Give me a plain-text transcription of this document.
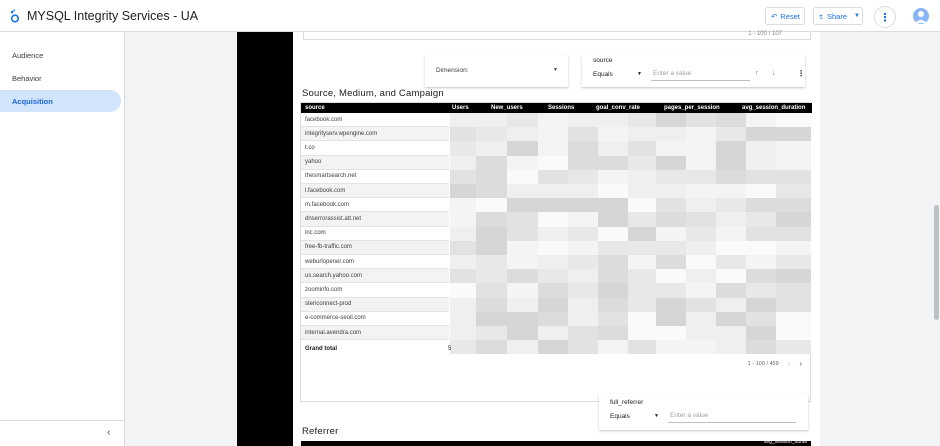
MYSQL Integrity Services - UA	↶ Reset	Share ▼ ⋮
Audience
Behavior
Acquisition
‹
1 - 100 / 107
Dimension:	▼
source
Equals	▼	Enter a value	↑ ↓	⋮
Source, Medium, and Campaign
source	Users	New_users	Sessions	goal_conv_rate	pages_per_session	avg_session_duration
facebook.com
integrityserv.wpengine.com
t.co
yahoo
thesmartsearch.net
l.facebook.com
m.facebook.com
dnserrorassist.att.net
inc.com
free-fb-traffic.com
weburlopener.com
us.search.yahoo.com
zoominfo.com
stericonnect-prod
e-commerce-seoil.com
internal.avendra.com
Grand total	5
1 - 100 / 459 ‹ ›
full_referrer
Equals	▼	Enter a value
Referrer
avg_session_durati
